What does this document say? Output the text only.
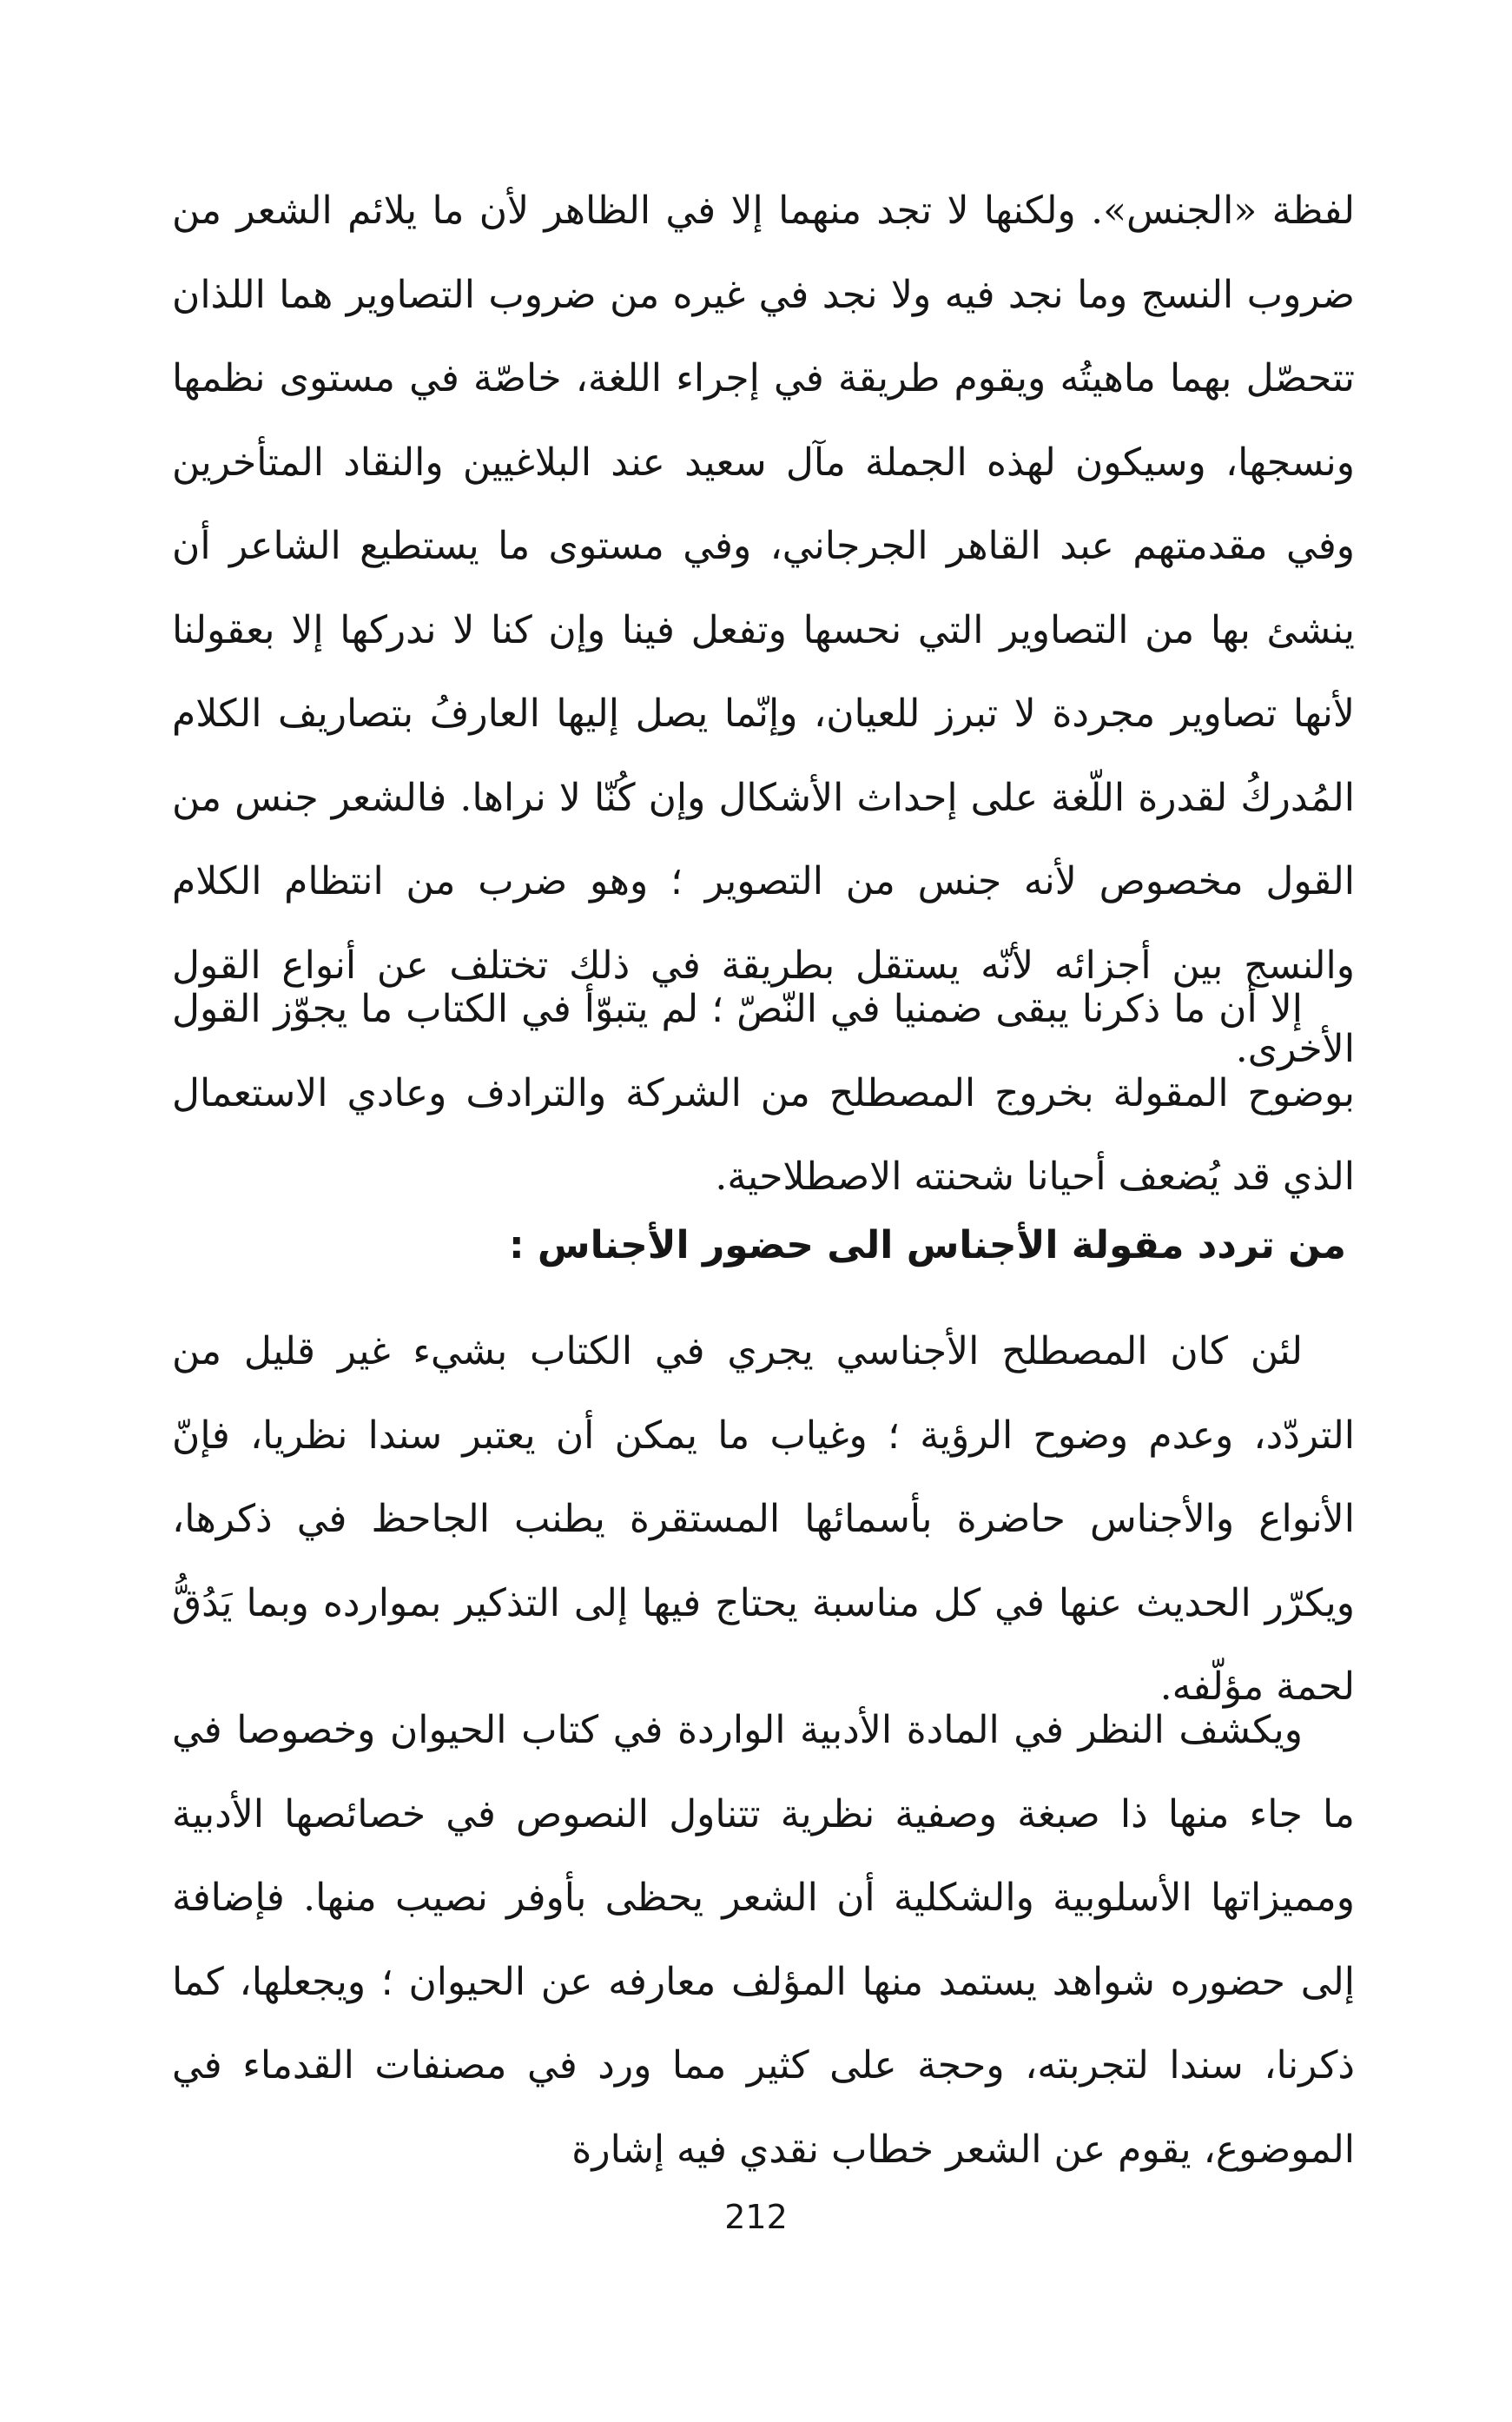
لفظة «الجنس». ولكنها لا تجد منهما إلا في الظاهر لأن ما يلائم الشعر من ضروب النسج وما نجد فيه ولا نجد في غيره من ضروب التصاوير هما اللذان تتحصّل بهما ماهيتُه ويقوم طريقة في إجراء اللغة، خاصّة في مستوى نظمها ونسجها، وسيكون لهذه الجملة مآل سعيد عند البلاغيين والنقاد المتأخرين وفي مقدمتهم عبد القاهر الجرجاني، وفي مستوى ما يستطيع الشاعر أن ينشئ بها من التصاوير التي نحسها وتفعل فينا وإن كنا لا ندركها إلا بعقولنا لأنها تصاوير مجردة لا تبرز للعيان، وإنّما يصل إليها العارفُ بتصاريف الكلام المُدركُ لقدرة اللّغة على إحداث الأشكال وإن كُنّا لا نراها. فالشعر جنس من القول مخصوص لأنه جنس من التصوير ؛ وهو ضرب من انتظام الكلام والنسج بين أجزائه لأنّه يستقل بطريقة في ذلك تختلف عن أنواع القول الأخرى.

إلا أن ما ذكرنا يبقى ضمنيا في النّصّ ؛ لم يتبوّأ في الكتاب ما يجوّز القول بوضوح المقولة بخروج المصطلح من الشركة والترادف وعادي الاستعمال الذي قد يُضعف أحيانا شحنته الاصطلاحية.

من تردد مقولة الأجناس الى حضور الأجناس :

لئن كان المصطلح الأجناسي يجري في الكتاب بشيء غير قليل من التردّد، وعدم وضوح الرؤية ؛ وغياب ما يمكن أن يعتبر سندا نظريا، فإنّ الأنواع والأجناس حاضرة بأسمائها المستقرة يطنب الجاحظ في ذكرها، ويكرّر الحديث عنها في كل مناسبة يحتاج فيها إلى التذكير بموارده وبما يَدُقُّ لحمة مؤلّفه.

ويكشف النظر في المادة الأدبية الواردة في كتاب الحيوان وخصوصا في ما جاء منها ذا صبغة وصفية نظرية تتناول النصوص في خصائصها الأدبية ومميزاتها الأسلوبية والشكلية أن الشعر يحظى بأوفر نصيب منها. فإضافة إلى حضوره شواهد يستمد منها المؤلف معارفه عن الحيوان ؛ ويجعلها، كما ذكرنا، سندا لتجربته، وحجة على كثير مما ورد في مصنفات القدماء في الموضوع، يقوم عن الشعر خطاب نقدي فيه إشارة

212
